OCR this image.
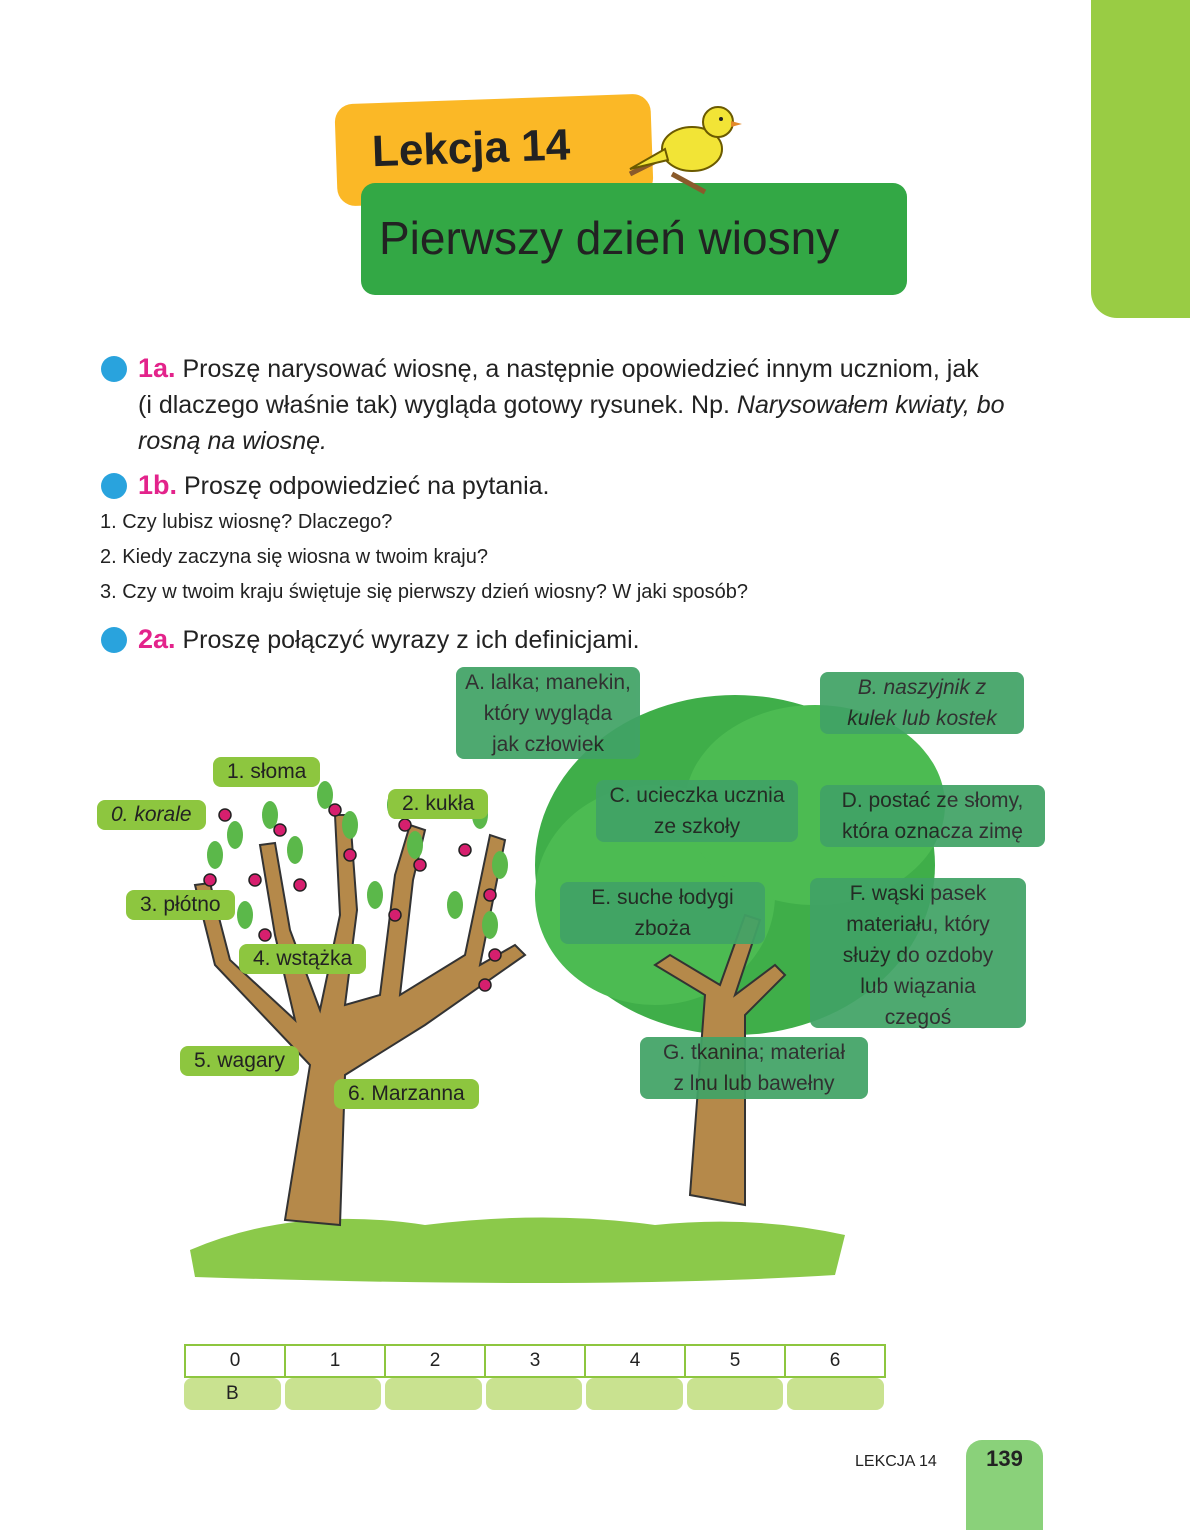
Lekcja 14
Pierwszy dzień wiosny
1a. Proszę narysować wiosnę, a następnie opowiedzieć innym uczniom, jak
(i dlaczego właśnie tak) wygląda gotowy rysunek. Np. Narysowałem kwiaty, bo
rosną na wiosnę.
1b. Proszę odpowiedzieć na pytania.
1. Czy lubisz wiosnę? Dlaczego?
2. Kiedy zaczyna się wiosna w twoim kraju?
3. Czy w twoim kraju świętuje się pierwszy dzień wiosny? W jaki sposób?
2a. Proszę połączyć wyrazy z ich definicjami.
0. korale
1. słoma
2. kukła
3. płótno
4. wstążka
5. wagary
6. Marzanna
A. lalka; manekin,
który wygląda
jak człowiek
B. naszyjnik z
kulek lub kostek
C. ucieczka ucznia
ze szkoły
D. postać ze słomy,
która oznacza zimę
E. suche łodygi
zboża
F. wąski pasek
materiału, który
służy do ozdoby
lub wiązania
czegoś
G. tkanina; materiał
z lnu lub bawełny
0	1	2	3	4	5	6
B
LEKCJA 14	139
